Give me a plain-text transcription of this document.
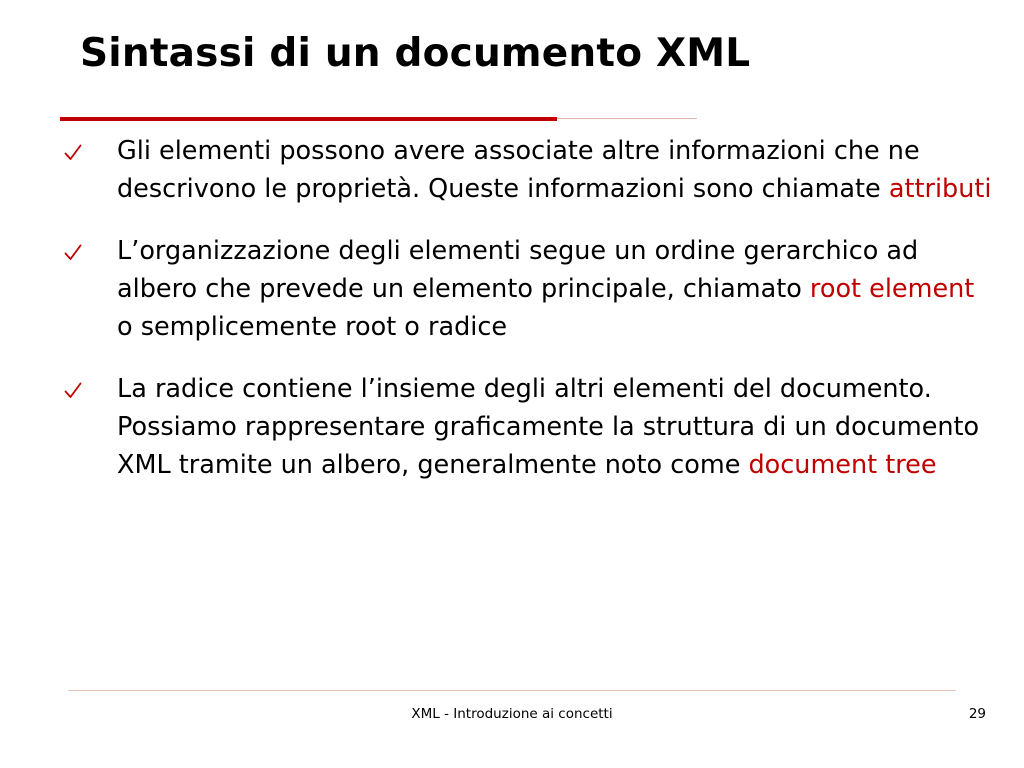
Sintassi di un documento XML
Gli elementi possono avere associate altre informazioni che ne descrivono le proprietà. Queste informazioni sono chiamate attributi
L’organizzazione degli elementi segue un ordine gerarchico ad albero che prevede un elemento principale, chiamato root element o semplicemente root o radice
La radice contiene l’insieme degli altri elementi del documento. Possiamo rappresentare graficamente la struttura di un documento XML tramite un albero, generalmente noto come document tree
XML - Introduzione ai concetti	29
